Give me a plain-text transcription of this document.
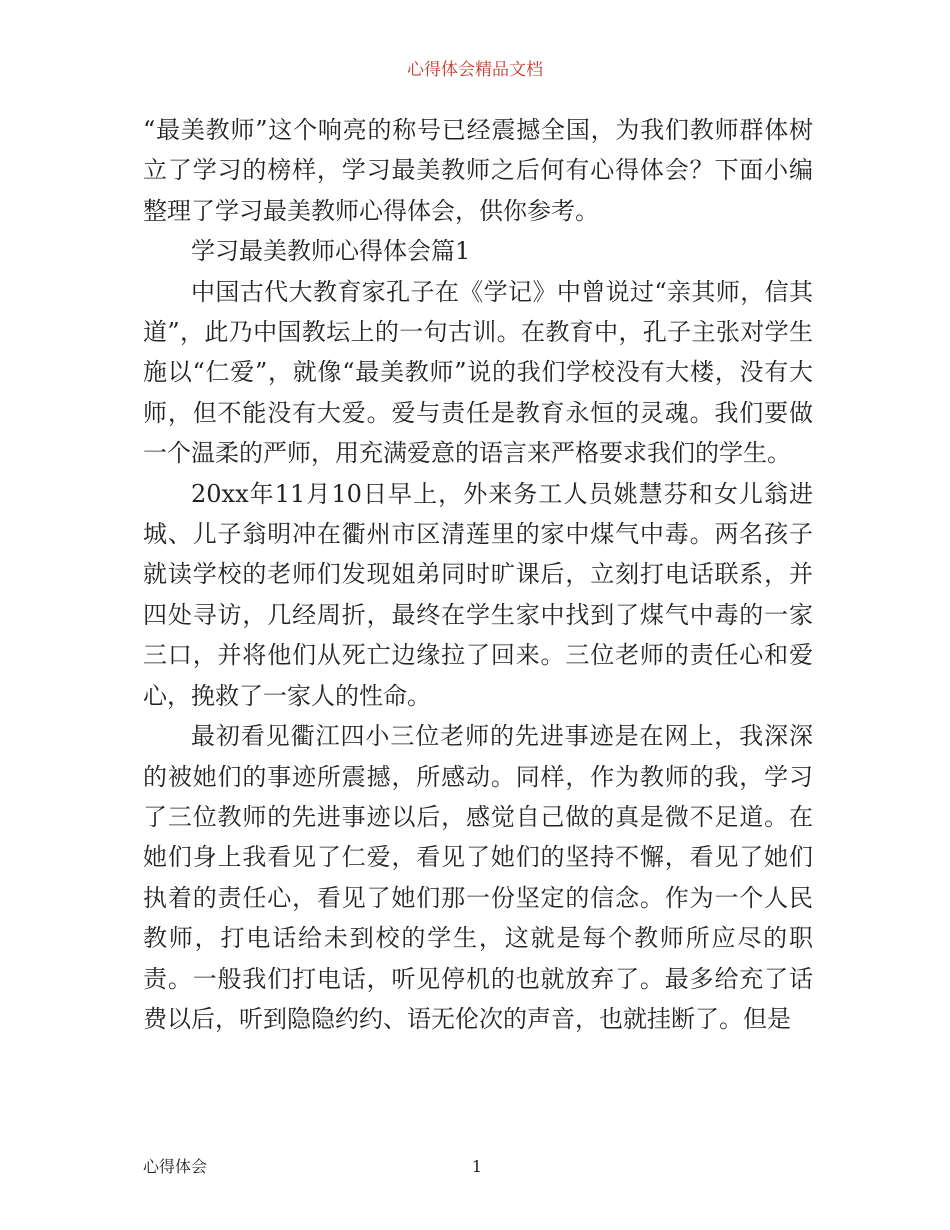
心得体会精品文档

“最美教师”这个响亮的称号已经震撼全国，为我们教师群体树立了学习的榜样，学习最美教师之后何有心得体会？下面小编整理了学习最美教师心得体会，供你参考。

学习最美教师心得体会篇1

中国古代大教育家孔子在《学记》中曾说过“亲其师，信其道”，此乃中国教坛上的一句古训。在教育中，孔子主张对学生施以“仁爱”，就像“最美教师”说的我们学校没有大楼，没有大师，但不能没有大爱。爱与责任是教育永恒的灵魂。我们要做一个温柔的严师，用充满爱意的语言来严格要求我们的学生。

20xx年11月10日早上，外来务工人员姚慧芬和女儿翁进城、儿子翁明冲在衢州市区清莲里的家中煤气中毒。两名孩子就读学校的老师们发现姐弟同时旷课后，立刻打电话联系，并四处寻访，几经周折，最终在学生家中找到了煤气中毒的一家三口，并将他们从死亡边缘拉了回来。三位老师的责任心和爱心，挽救了一家人的性命。

最初看见衢江四小三位老师的先进事迹是在网上，我深深的被她们的事迹所震撼，所感动。同样，作为教师的我，学习了三位教师的先进事迹以后，感觉自己做的真是微不足道。在她们身上我看见了仁爱，看见了她们的坚持不懈，看见了她们执着的责任心，看见了她们那一份坚定的信念。作为一个人民教师，打电话给未到校的学生，这就是每个教师所应尽的职责。一般我们打电话，听见停机的也就放弃了。最多给充了话费以后，听到隐隐约约、语无伦次的声音，也就挂断了。但是

心得体会	1
